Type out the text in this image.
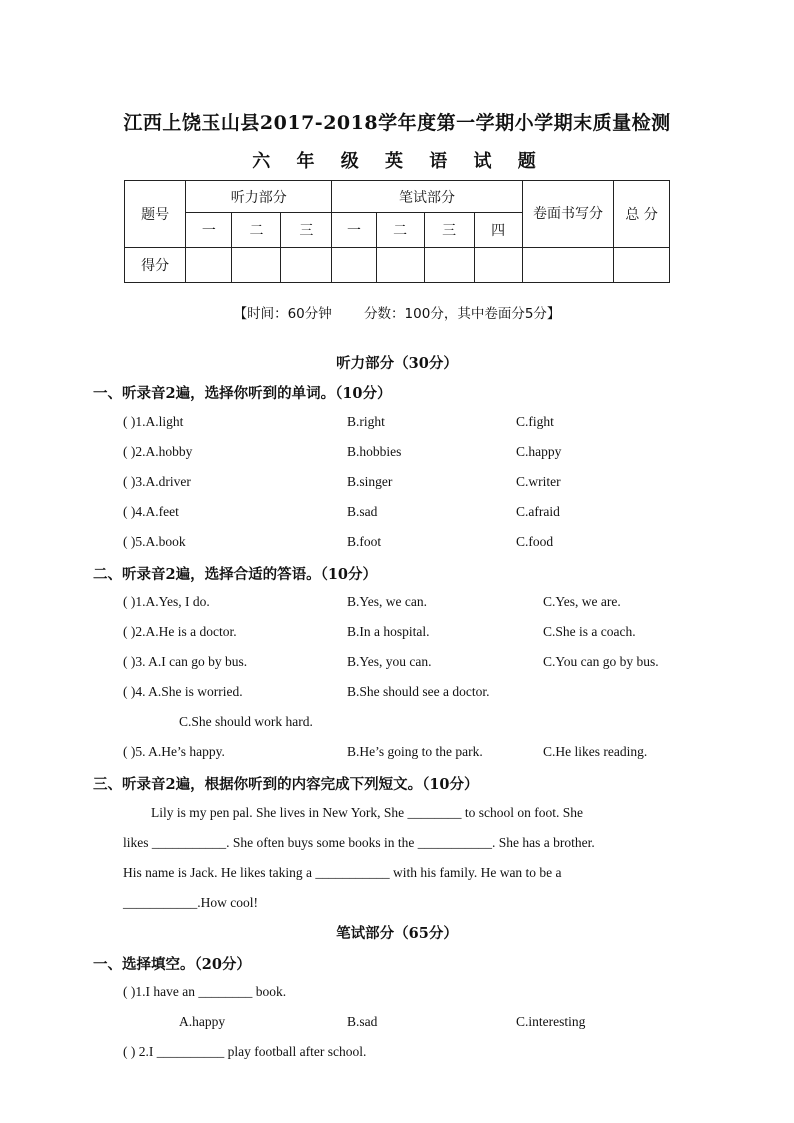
江西上饶玉山县2017-2018学年度第一学期小学期末质量检测
六 年 级 英 语 试 题
题号	听力部分			笔试部分				卷面书写分	总 分
	一	二	三	一	二	三	四		
得分									
【时间：60分钟 分数：100分，其中卷面分5分】
听力部分（30分）
一、听录音2遍，选择你听到的单词。（10分）
( )1.A.light	B.right	C.fight
( )2.A.hobby	B.hobbies	C.happy
( )3.A.driver	B.singer	C.writer
( )4.A.feet	B.sad	C.afraid
( )5.A.book	B.foot	C.food
二、听录音2遍，选择合适的答语。（10分）
( )1.A.Yes, I do.	B.Yes, we can.	C.Yes, we are.
( )2.A.He is a doctor.	B.In a hospital.	C.She is a coach.
( )3. A.I can go by bus.	B.Yes, you can.	C.You can go by bus.
( )4. A.She is worried.	B.She should see a doctor.
C.She should work hard.
( )5. A.He’s happy.	B.He’s going to the park.	C.He likes reading.
三、听录音2遍，根据你听到的内容完成下列短文。（10分）

Lily is my pen pal. She lives in New York, She ________ to school on foot. She

likes ___________. She often buys some books in the ___________. She has a brother.

His name is Jack. He likes taking a ___________ with his family. He wan to be a

___________.How cool!

笔试部分（65分）
一、选择填空。（20分）
( )1.I have an ________ book.
A.happy	B.sad	C.interesting
( ) 2.I __________ play football after school.
